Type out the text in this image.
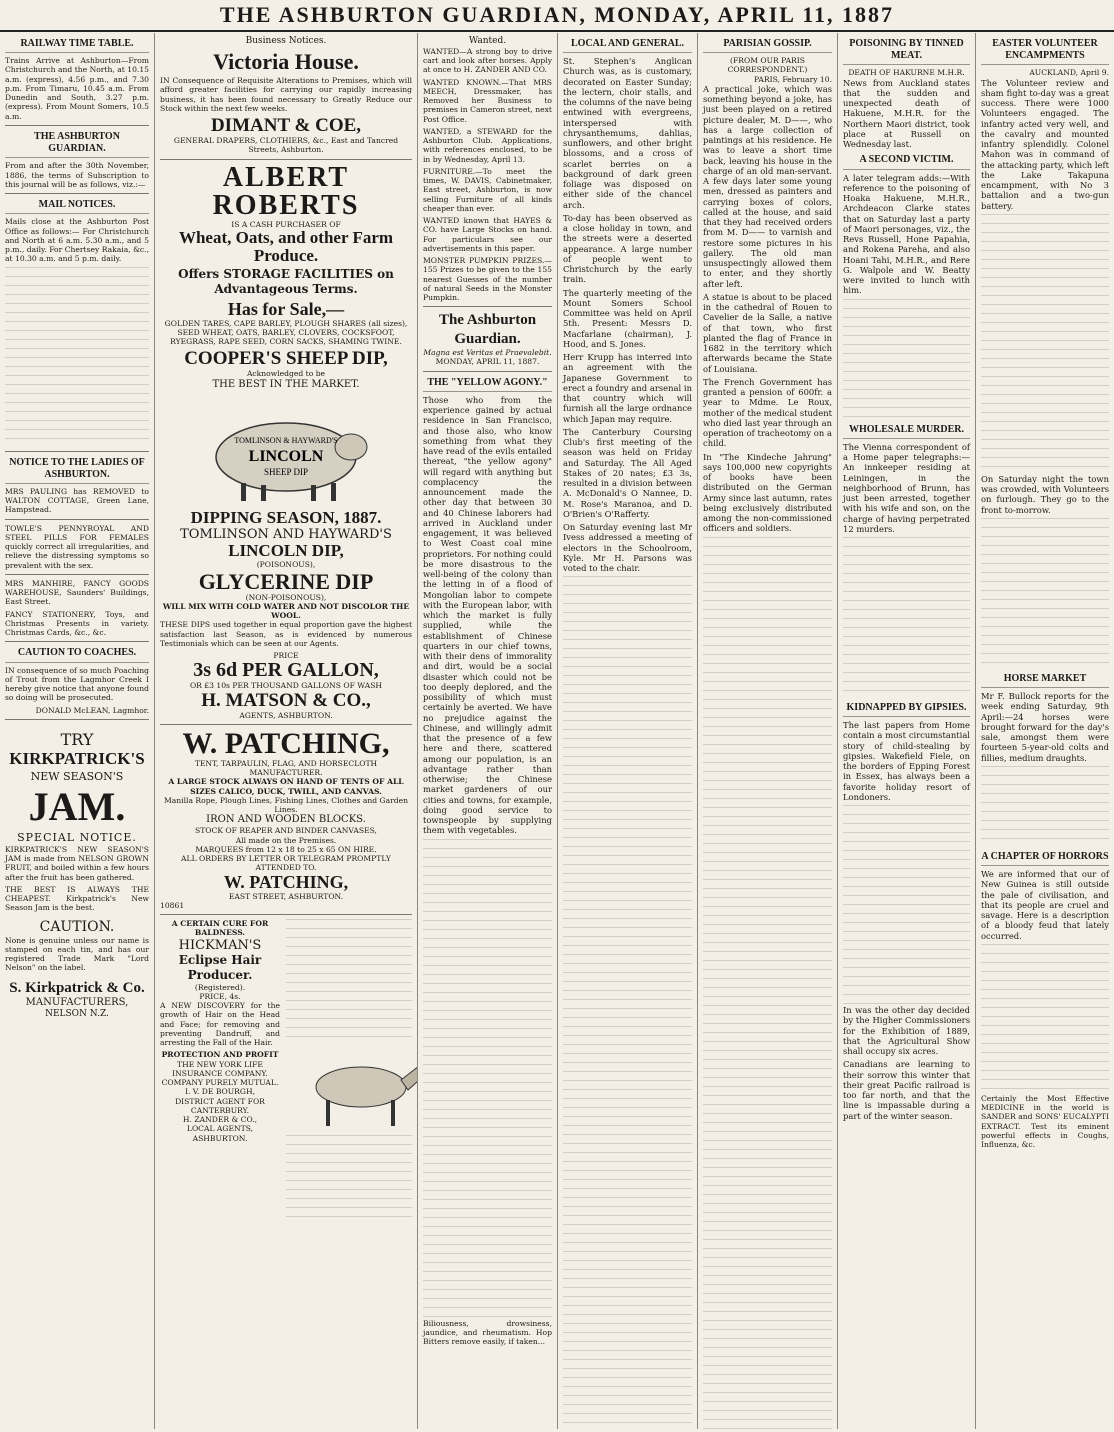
THE ASHBURTON GUARDIAN, MONDAY, APRIL 11, 1887
RAILWAY TIME TABLE.

Trains Arrive at Ashburton—From Christchurch and the North, at 10.15 a.m. (express), 4.56 p.m., and 7.30 p.m. From Timaru, 10.45 a.m. From Dunedin and South, 3.27 p.m. (express). From Mount Somers, 10.5 a.m.

THE ASHBURTON GUARDIAN.

From and after the 30th November, 1886, the terms of Subscription to this journal will be as follows, viz.:—

MAIL NOTICES.

Mails close at the Ashburton Post Office as follows:— For Christchurch and North at 6 a.m. 5.30 a.m., and 5 p.m., daily. For Chertsey Rakaia, &c., at 10.30 a.m. and 5 p.m. daily.

NOTICE TO THE LADIES OF ASHBURTON.

MRS PAULING has REMOVED to WALTON COTTAGE, Green Lane, Hampstead.

TOWLE'S PENNYROYAL AND STEEL PILLS FOR FEMALES quickly correct all irregularities, and relieve the distressing symptoms so prevalent with the sex.

MRS MANHIRE, FANCY GOODS WAREHOUSE, Saunders' Buildings, East Street.

FANCY STATIONERY, Toys, and Christmas Presents in variety. Christmas Cards, &c., &c.

CAUTION TO COACHES.

IN consequence of so much Poaching of Trout from the Lagmhor Creek I hereby give notice that anyone found so doing will be prosecuted.

DONALD McLEAN, Lagmhor.

TRY
KIRKPATRICK'S
NEW SEASON'S
JAM.
SPECIAL NOTICE.

KIRKPATRICK'S NEW SEASON'S JAM is made from NELSON GROWN FRUIT, and boiled within a few hours after the fruit has been gathered.

THE BEST IS ALWAYS THE CHEAPEST. Kirkpatrick's New Season Jam is the best.

CAUTION.

None is genuine unless our name is stamped on each tin, and has our registered Trade Mark "Lord Nelson" on the label.

S. Kirkpatrick & Co.
MANUFACTURERS,
NELSON N.Z.
Business Notices.
Victoria House.

IN Consequence of Requisite Alterations to Premises, which will afford greater facilities for carrying our rapidly increasing business, it has been found necessary to Greatly Reduce our Stock within the next few weeks.

DIMANT & COE,
GENERAL DRAPERS, CLOTHIERS, &c., East and Tancred Streets, Ashburton.
ALBERT ROBERTS
IS A CASH PURCHASER OF
Wheat, Oats, and other Farm Produce.
Offers STORAGE FACILITIES on Advantageous Terms.
Has for Sale,—

GOLDEN TARES, CAPE BARLEY, PLOUGH SHARES (all sizes), SEED WHEAT, OATS, BARLEY, CLOVERS, COCKSFOOT, RYEGRASS, RAPE SEED, CORN SACKS, SHAMING TWINE.

COOPER'S SHEEP DIP,
Acknowledged to be
THE BEST IN THE MARKET.
TOMLINSON & HAYWARD'S
LINCOLN
SHEEP DIP
DIPPING SEASON, 1887.
TOMLINSON AND HAYWARD'S
LINCOLN DIP,
(POISONOUS),
GLYCERINE DIP
(NON-POISONOUS),
WILL MIX WITH COLD WATER AND NOT DISCOLOR THE WOOL.

THESE DIPS used together in equal proportion gave the highest satisfaction last Season, as is evidenced by numerous Testimonials which can be seen at our Agents.

PRICE
3s 6d PER GALLON,
OR £3 10s PER THOUSAND GALLONS OF WASH
H. MATSON & CO.,
AGENTS, ASHBURTON.
W. PATCHING,
TENT, TARPAULIN, FLAG, AND HORSECLOTH MANUFACTURER.
A LARGE STOCK ALWAYS ON HAND OF TENTS OF ALL SIZES CALICO, DUCK, TWILL, AND CANVAS.
Manilla Rope, Plough Lines, Fishing Lines, Clothes and Garden Lines.
IRON AND WOODEN BLOCKS.
STOCK OF REAPER AND BINDER CANVASES,
All made on the Premises.
MARQUEES from 12 x 18 to 25 x 65 ON HIRE.
ALL ORDERS BY LETTER OR TELEGRAM PROMPTLY ATTENDED TO.
W. PATCHING,
EAST STREET, ASHBURTON.
10861
A CERTAIN CURE FOR BALDNESS.
HICKMAN'S
Eclipse Hair Producer.
(Registered).
PRICE, 4s.

A NEW DISCOVERY for the growth of Hair on the Head and Face; for removing and preventing Dandruff, and arresting the Fall of the Hair.

PROTECTION AND PROFIT
THE NEW YORK LIFE INSURANCE COMPANY.
COMPANY PURELY MUTUAL.
I. V. DE BOURGH,
DISTRICT AGENT FOR CANTERBURY.
H. ZANDER & CO.,
LOCAL AGENTS, ASHBURTON.
Wanted.

WANTED—A strong boy to drive cart and look after horses. Apply at once to H. ZANDER AND CO.

WANTED KNOWN.—That MRS MEECH, Dressmaker, has Removed her Business to premises in Cameron street, next Post Office.

WANTED, a STEWARD for the Ashburton Club. Applications, with references enclosed, to be in by Wednesday, April 13.

FURNITURE.—To meet the times, W. DAVIS, Cabinetmaker, East street, Ashburton, is now selling Furniture of all kinds cheaper than ever.

WANTED known that HAYES & CO. have Large Stocks on hand. For particulars see our advertisements in this paper.

MONSTER PUMPKIN PRIZES.—155 Prizes to be given to the 155 nearest Guesses of the number of natural Seeds in the Monster Pumpkin.

The Ashburton Guardian.
Magna est Veritas et Praevalebit.
MONDAY, APRIL 11, 1887.
THE "YELLOW AGONY."

Those who from the experience gained by actual residence in San Francisco, and those also, who know something from what they have read of the evils entailed thereat, "the yellow agony" will regard with anything but complacency the announcement made the other day that between 30 and 40 Chinese laborers had arrived in Auckland under engagement, it was believed to West Coast coal mine proprietors. For nothing could be more disastrous to the well-being of the colony than the letting in of a flood of Mongolian labor to compete with the European labor, with which the market is fully supplied, while the establishment of Chinese quarters in our chief towns, with their dens of immorality and dirt, would be a social disaster which could not be too deeply deplored, and the possibility of which must certainly be averted. We have no prejudice against the Chinese, and willingly admit that the presence of a few here and there, scattered among our population, is an advantage rather than otherwise; the Chinese market gardeners of our cities and towns, for example, doing good service to townspeople by supplying them with vegetables.

Biliousness, drowsiness, jaundice, and rheumatism. Hop Bitters remove easily, if taken...

LOCAL AND GENERAL.

St. Stephen's Anglican Church was, as is customary, decorated on Easter Sunday; the lectern, choir stalls, and the columns of the nave being entwined with evergreens, interspersed with chrysanthemums, dahlias, sunflowers, and other bright blossoms, and a cross of scarlet berries on a background of dark green foliage was disposed on either side of the chancel arch.

To-day has been observed as a close holiday in town, and the streets were a deserted appearance. A large number of people went to Christchurch by the early train.

The quarterly meeting of the Mount Somers School Committee was held on April 5th. Present: Messrs D. Macfarlane (chairman), J. Hood, and S. Jones.

Herr Krupp has interred into an agreement with the Japanese Government to erect a foundry and arsenal in that country which will furnish all the large ordnance which Japan may require.

The Canterbury Coursing Club's first meeting of the season was held on Friday and Saturday. The All Aged Stakes of 20 nates; £3 3s, resulted in a division between A. McDonald's O Nannee, D. M. Rose's Maranoa, and D. O'Brien's O'Rafferty.

On Saturday evening last Mr Ivess addressed a meeting of electors in the Schoolroom, Kyle. Mr H. Parsons was voted to the chair.

PARISIAN GOSSIP.
(FROM OUR PARIS CORRESPONDENT.)
PARIS, February 10.

A practical joke, which was something beyond a joke, has just been played on a retired picture dealer, M. D——, who has a large collection of paintings at his residence. He was to leave a short time back, leaving his house in the charge of an old man-servant. A few days later some young men, dressed as painters and carrying boxes of colors, called at the house, and said that they had received orders from M. D—— to varnish and restore some pictures in his gallery. The old man unsuspectingly allowed them to enter, and they shortly after left.

A statue is about to be placed in the cathedral of Rouen to Cavelier de la Salle, a native of that town, who first planted the flag of France in 1682 in the territory which afterwards became the State of Louisiana.

The French Government has granted a pension of 600fr. a year to Mdme. Le Roux, mother of the medical student who died last year through an operation of tracheotomy on a child.

In "The Kindeche Jahrung" says 100,000 new copyrights of books have been distributed on the German Army since last autumn, rates being exclusively distributed among the non-commissioned officers and soldiers.

POISONING BY TINNED MEAT.
DEATH OF HAKURNE M.H.R.

News from Auckland states that the sudden and unexpected death of Hakuene, M.H.R. for the Northern Maori district, took place at Russell on Wednesday last.

A SECOND VICTIM.

A later telegram adds:—With reference to the poisoning of Hoaka Hakuene, M.H.R., Archdeacon Clarke states that on Saturday last a party of Maori personages, viz., the Revs Russell, Hone Papahia, and Rokena Pareha, and also Hoani Tahi, M.H.R., and Rere G. Walpole and W. Beatty were invited to lunch with him.

WHOLESALE MURDER.

The Vienna correspondent of a Home paper telegraphs:—An innkeeper residing at Leiningen, in the neighborhood of Brunn, has just been arrested, together with his wife and son, on the charge of having perpetrated 12 murders.

KIDNAPPED BY GIPSIES.

The last papers from Home contain a most circumstantial story of child-stealing by gipsies. Wakefield Fiele, on the borders of Epping Forest in Essex, has always been a favorite holiday resort of Londoners.

In was the other day decided by the Higher Commissioners for the Exhibition of 1889, that the Agricultural Show shall occupy six acres.

Canadians are learning to their sorrow this winter that their great Pacific railroad is too far north, and that the line is impassable during a part of the winter season.

EASTER VOLUNTEER ENCAMPMENTS
AUCKLAND, April 9.

The Volunteer review and sham fight to-day was a great success. There were 1000 Volunteers engaged. The infantry acted very well, and the cavalry and mounted infantry splendidly. Colonel Mahon was in command of the attacking party, which left the Lake Takapuna encampment, with No 3 battalion and a two-gun battery.

On Saturday night the town was crowded, with Volunteers on furlough. They go to the front to-morrow.

HORSE MARKET

Mr F. Bullock reports for the week ending Saturday, 9th April:—24 horses were brought forward for the day's sale, amongst them were fourteen 5-year-old colts and fillies, medium draughts.

A CHAPTER OF HORRORS

We are informed that our of New Guinea is still outside the pale of civilisation, and that its people are cruel and savage. Here is a description of a bloody feud that lately occurred.

Certainly the Most Effective MEDICINE in the world is SANDER and SONS' EUCALYPTI EXTRACT. Test its eminent powerful effects in Coughs, Influenza, &c.
